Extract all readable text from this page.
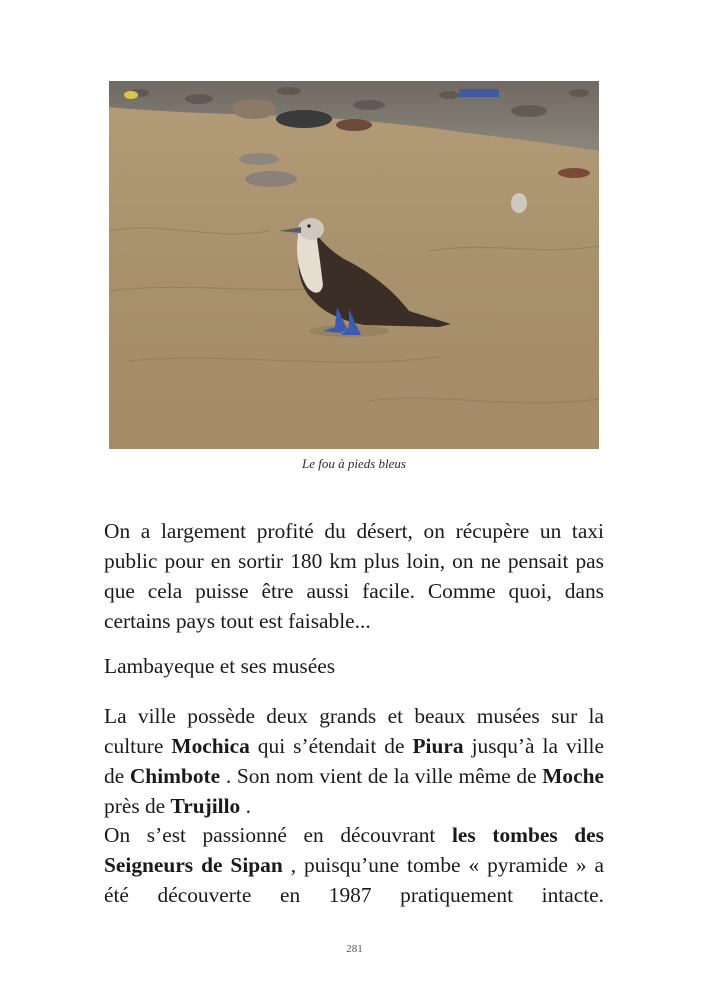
Le fou à pieds bleus

On a largement profité du désert, on récupère un taxi public pour en sortir 180 km plus loin, on ne pensait pas que cela puisse être aussi facile. Comme quoi, dans certains pays tout est faisable...

Lambayeque et ses musées

La ville possède deux grands et beaux musées sur la culture Mochica qui s’étendait de Piura jusqu’à la ville de Chimbote . Son nom vient de la ville même de Moche près de Trujillo .

On s’est passionné en découvrant les tombes des Seigneurs de Sipan , puisqu’une tombe « pyramide » a été découverte en 1987 pratiquement intacte.

281
